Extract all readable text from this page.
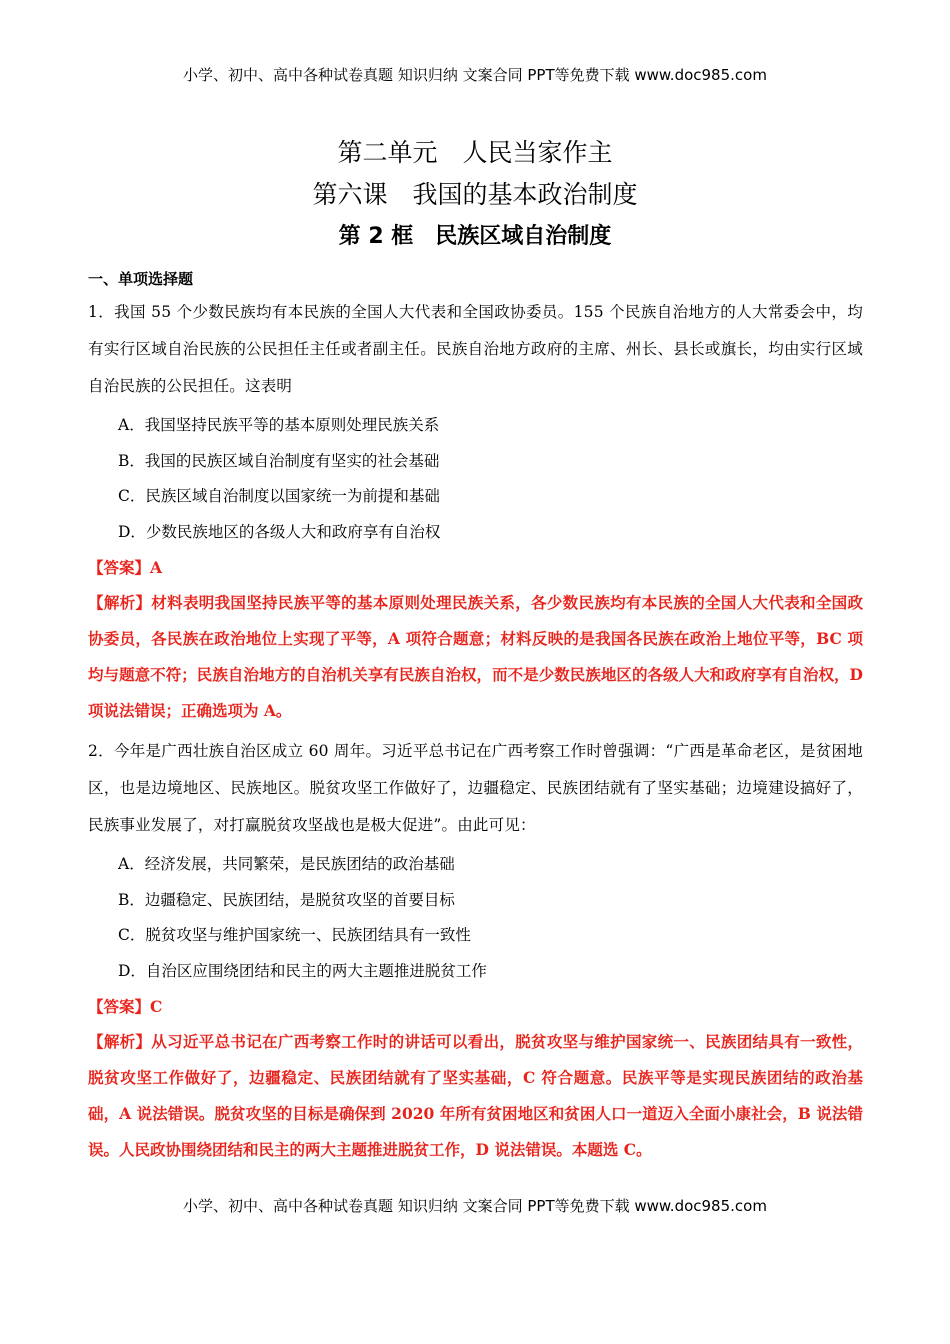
小学、初中、高中各种试卷真题 知识归纳 文案合同 PPT等免费下载 www.doc985.com
第二单元　人民当家作主
第六课　我国的基本政治制度
第 2 框　民族区域自治制度
一、单项选择题
1．我国 55 个少数民族均有本民族的全国人大代表和全国政协委员。155 个民族自治地方的人大常委会中，均有实行区域自治民族的公民担任主任或者副主任。民族自治地方政府的主席、州长、县长或旗长，均由实行区域自治民族的公民担任。这表明
A．我国坚持民族平等的基本原则处理民族关系
B．我国的民族区域自治制度有坚实的社会基础
C．民族区域自治制度以国家统一为前提和基础
D．少数民族地区的各级人大和政府享有自治权
【答案】A
【解析】材料表明我国坚持民族平等的基本原则处理民族关系，各少数民族均有本民族的全国人大代表和全国政协委员，各民族在政治地位上实现了平等，A 项符合题意；材料反映的是我国各民族在政治上地位平等，BC 项均与题意不符；民族自治地方的自治机关享有民族自治权，而不是少数民族地区的各级人大和政府享有自治权，D 项说法错误；正确选项为 A。
2．今年是广西壮族自治区成立 60 周年。习近平总书记在广西考察工作时曾强调：“广西是革命老区，是贫困地区，也是边境地区、民族地区。脱贫攻坚工作做好了，边疆稳定、民族团结就有了坚实基础；边境建设搞好了，民族事业发展了，对打赢脱贫攻坚战也是极大促进”。由此可见：
A．经济发展，共同繁荣，是民族团结的政治基础
B．边疆稳定、民族团结，是脱贫攻坚的首要目标
C．脱贫攻坚与维护国家统一、民族团结具有一致性
D．自治区应围绕团结和民主的两大主题推进脱贫工作
【答案】C
【解析】从习近平总书记在广西考察工作时的讲话可以看出，脱贫攻坚与维护国家统一、民族团结具有一致性，脱贫攻坚工作做好了，边疆稳定、民族团结就有了坚实基础，C 符合题意。民族平等是实现民族团结的政治基础，A 说法错误。脱贫攻坚的目标是确保到 2020 年所有贫困地区和贫困人口一道迈入全面小康社会，B 说法错误。人民政协围绕团结和民主的两大主题推进脱贫工作，D 说法错误。本题选 C。
小学、初中、高中各种试卷真题 知识归纳 文案合同 PPT等免费下载 www.doc985.com
